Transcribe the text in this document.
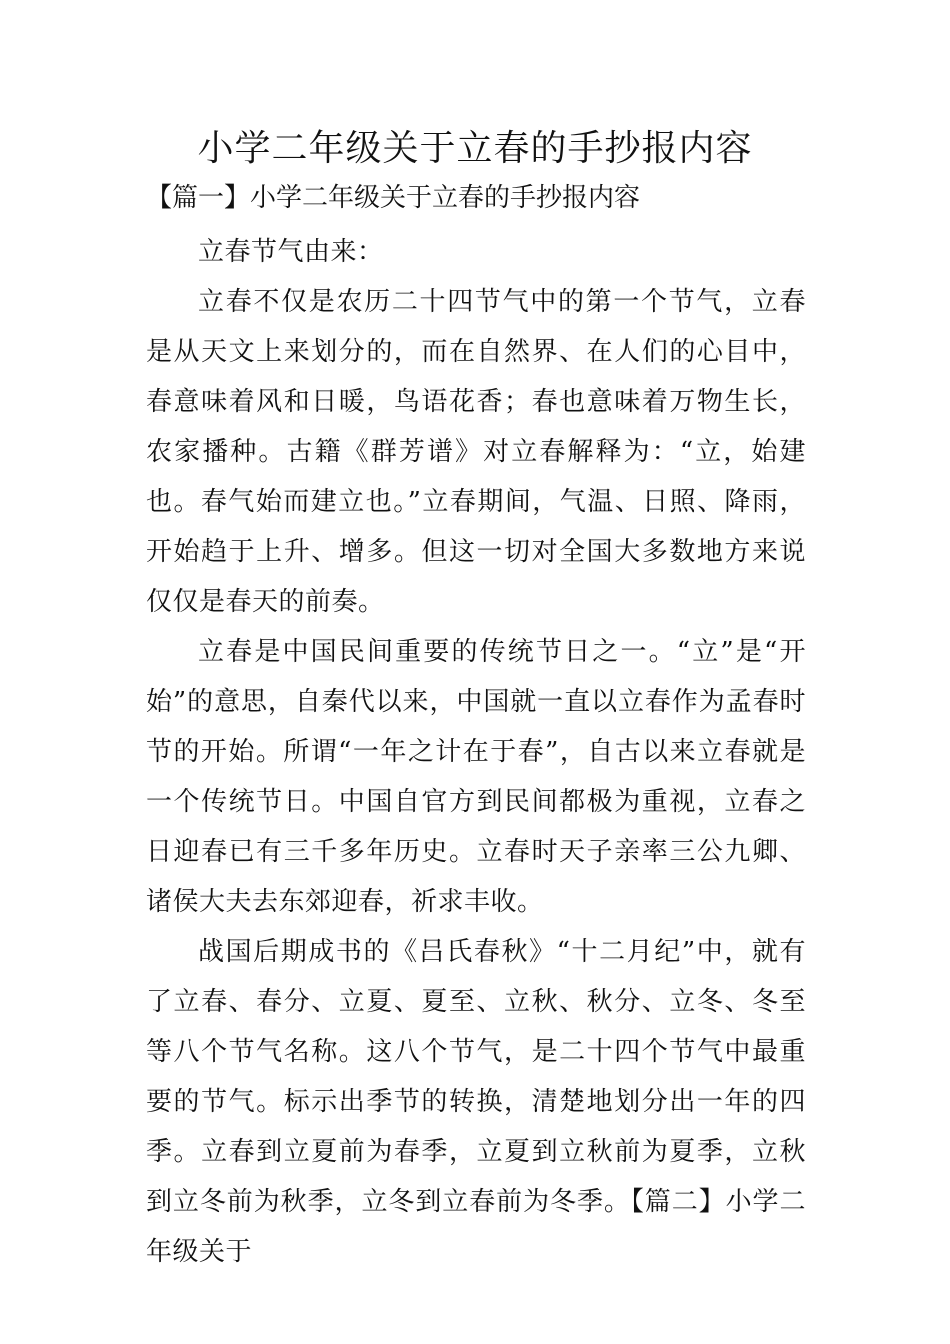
小学二年级关于立春的手抄报内容

【篇一】小学二年级关于立春的手抄报内容

立春节气由来：

立春不仅是农历二十四节气中的第一个节气，立春是从天文上来划分的，而在自然界、在人们的心目中，春意味着风和日暖，鸟语花香；春也意味着万物生长，农家播种。古籍《群芳谱》对立春解释为：“立，始建也。春气始而建立也。”立春期间，气温、日照、降雨，开始趋于上升、增多。但这一切对全国大多数地方来说仅仅是春天的前奏。

立春是中国民间重要的传统节日之一。“立”是“开始”的意思，自秦代以来，中国就一直以立春作为孟春时节的开始。所谓“一年之计在于春”，自古以来立春就是一个传统节日。中国自官方到民间都极为重视，立春之日迎春已有三千多年历史。立春时天子亲率三公九卿、诸侯大夫去东郊迎春，祈求丰收。

战国后期成书的《吕氏春秋》“十二月纪”中，就有了立春、春分、立夏、夏至、立秋、秋分、立冬、冬至等八个节气名称。这八个节气，是二十四个节气中最重要的节气。标示出季节的转换，清楚地划分出一年的四季。立春到立夏前为春季，立夏到立秋前为夏季，立秋到立冬前为秋季，立冬到立春前为冬季。【篇二】小学二年级关于
